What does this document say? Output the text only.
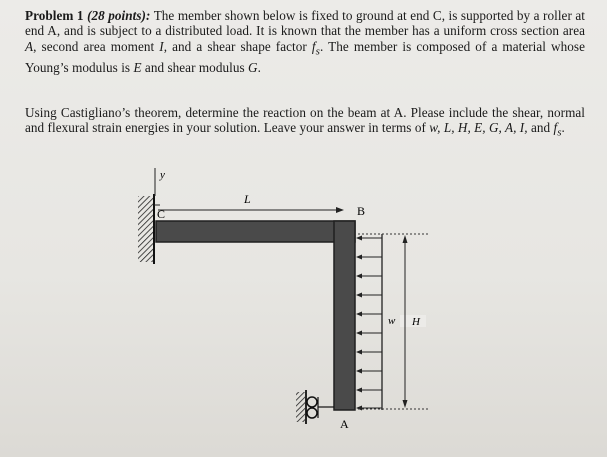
Problem 1 (28 points): The member shown below is fixed to ground at end C, is supported by a roller at end A, and is subject to a distributed load. It is known that the member has a uniform cross section area A, second area moment I, and a shear shape factor $f_s$. The member is composed of a material whose Young’s modulus is E and shear modulus G.
Using Castigliano’s theorem, determine the reaction on the beam at A. Please include the shear, normal and flexural strain energies in your solution. Leave your answer in terms of w, L, H, E, G, A, I, and $f_s$.
y
C
L
B
w H
A
